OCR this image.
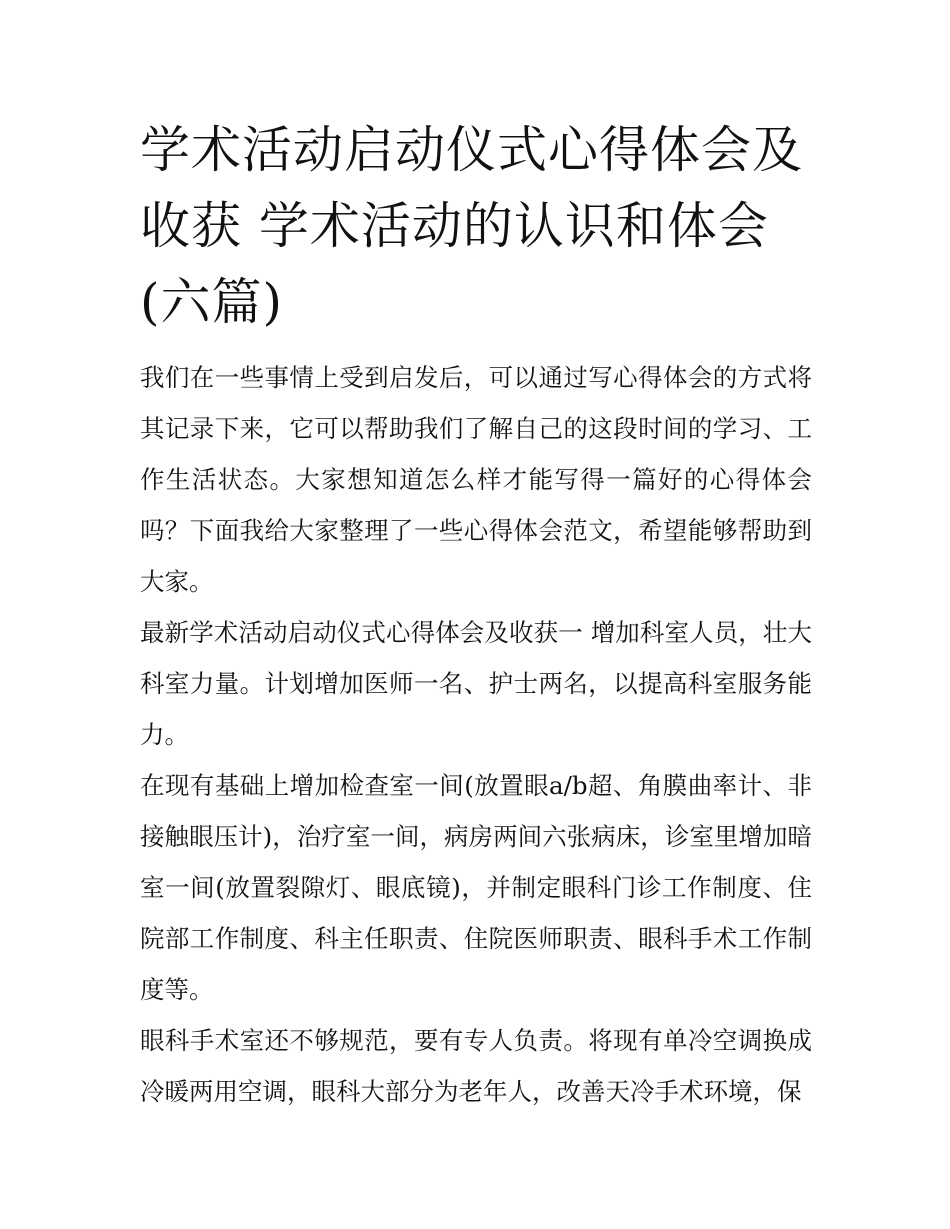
学术活动启动仪式心得体会及收获 学术活动的认识和体会(六篇)

我们在一些事情上受到启发后，可以通过写心得体会的方式将其记录下来，它可以帮助我们了解自己的这段时间的学习、工作生活状态。大家想知道怎么样才能写得一篇好的心得体会吗？下面我给大家整理了一些心得体会范文，希望能够帮助到大家。

最新学术活动启动仪式心得体会及收获一 增加科室人员，壮大科室力量。计划增加医师一名、护士两名，以提高科室服务能力。

在现有基础上增加检查室一间(放置眼a/b超、角膜曲率计、非接触眼压计)，治疗室一间，病房两间六张病床，诊室里增加暗室一间(放置裂隙灯、眼底镜)，并制定眼科门诊工作制度、住院部工作制度、科主任职责、住院医师职责、眼科手术工作制度等。

眼科手术室还不够规范，要有专人负责。将现有单冷空调换成冷暖两用空调，眼科大部分为老年人，改善天冷手术环境，保
